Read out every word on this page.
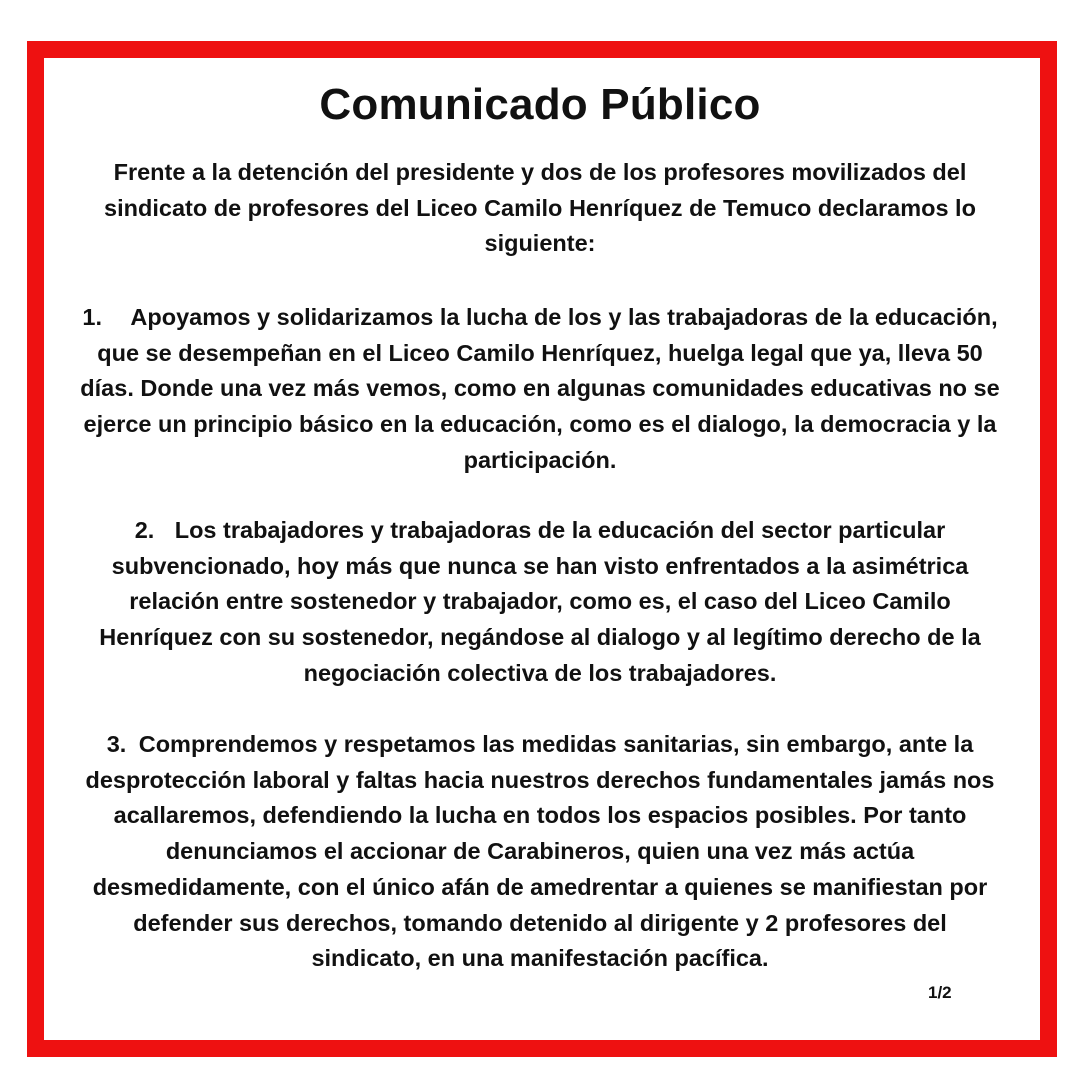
Comunicado Público
Frente a la detención del presidente y dos de los profesores movilizados del
sindicato de profesores del Liceo Camilo Henríquez de Temuco declaramos lo
siguiente:
1. Apoyamos y solidarizamos la lucha de los y las trabajadoras de la educación,
que se desempeñan en el Liceo Camilo Henríquez, huelga legal que ya, lleva 50
días. Donde una vez más vemos, como en algunas comunidades educativas no se
ejerce un principio básico en la educación, como es el dialogo, la democracia y la
participación.
2. Los trabajadores y trabajadoras de la educación del sector particular
subvencionado, hoy más que nunca se han visto enfrentados a la asimétrica
relación entre sostenedor y trabajador, como es, el caso del Liceo Camilo
Henríquez con su sostenedor, negándose al dialogo y al legítimo derecho de la
negociación colectiva de los trabajadores.
3. Comprendemos y respetamos las medidas sanitarias, sin embargo, ante la
desprotección laboral y faltas hacia nuestros derechos fundamentales jamás nos
acallaremos, defendiendo la lucha en todos los espacios posibles. Por tanto
denunciamos el accionar de Carabineros, quien una vez más actúa
desmedidamente, con el único afán de amedrentar a quienes se manifiestan por
defender sus derechos, tomando detenido al dirigente y 2 profesores del
sindicato, en una manifestación pacífica.
1/2
